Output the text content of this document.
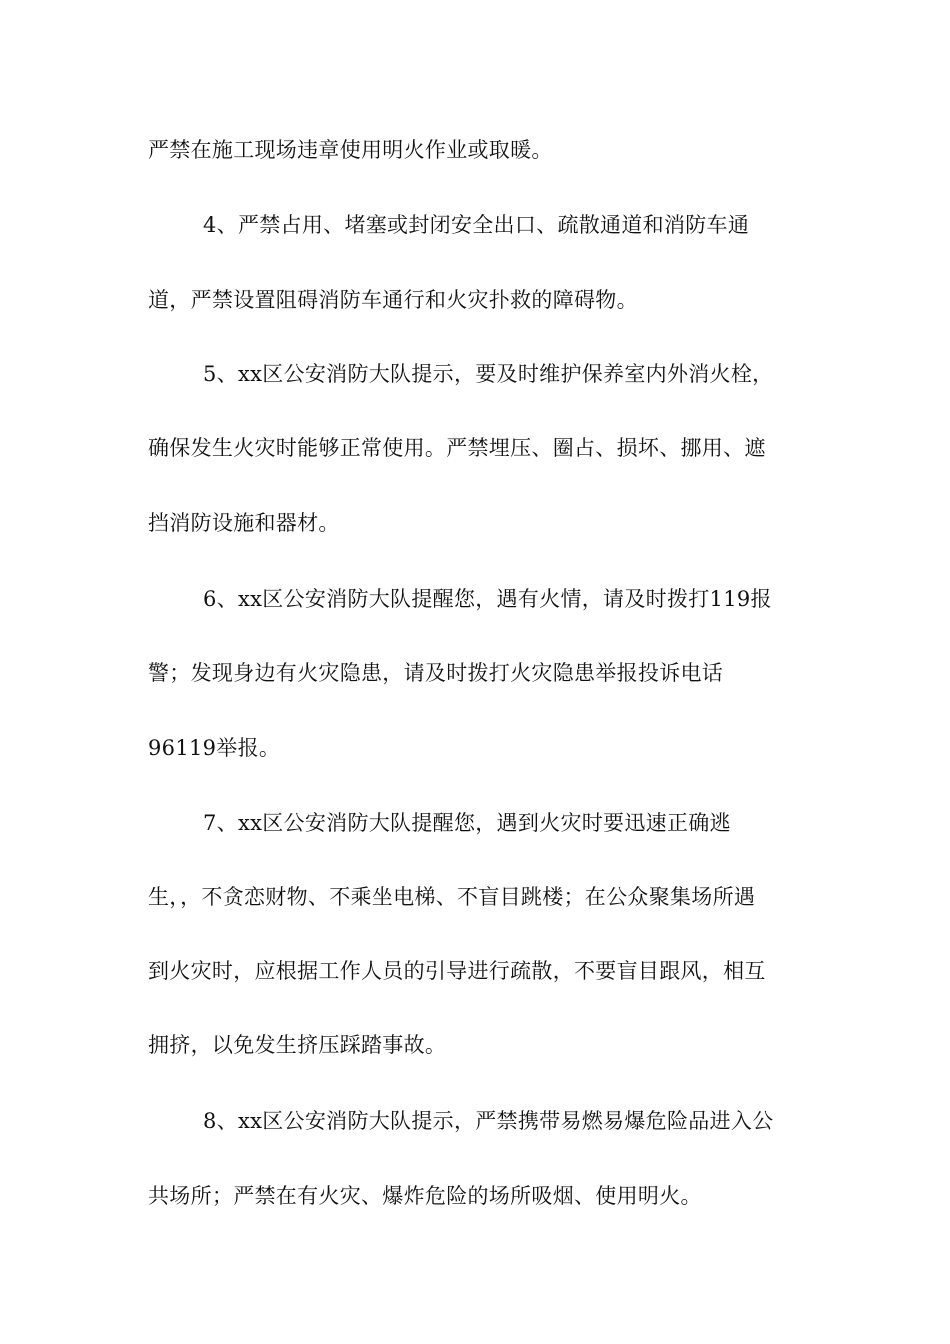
严禁在施工现场违章使用明火作业或取暖。
4、严禁占用、堵塞或封闭安全出口、疏散通道和消防车通
道，严禁设置阻碍消防车通行和火灾扑救的障碍物。
5、xx区公安消防大队提示，要及时维护保养室内外消火栓，
确保发生火灾时能够正常使用。严禁埋压、圈占、损坏、挪用、遮
挡消防设施和器材。
6、xx区公安消防大队提醒您，遇有火情，请及时拨打119报
警；发现身边有火灾隐患，请及时拨打火灾隐患举报投诉电话
96119举报。
7、xx区公安消防大队提醒您，遇到火灾时要迅速正确逃
生，，不贪恋财物、不乘坐电梯、不盲目跳楼；在公众聚集场所遇
到火灾时，应根据工作人员的引导进行疏散，不要盲目跟风，相互
拥挤，以免发生挤压踩踏事故。
8、xx区公安消防大队提示，严禁携带易燃易爆危险品进入公
共场所；严禁在有火灾、爆炸危险的场所吸烟、使用明火。
